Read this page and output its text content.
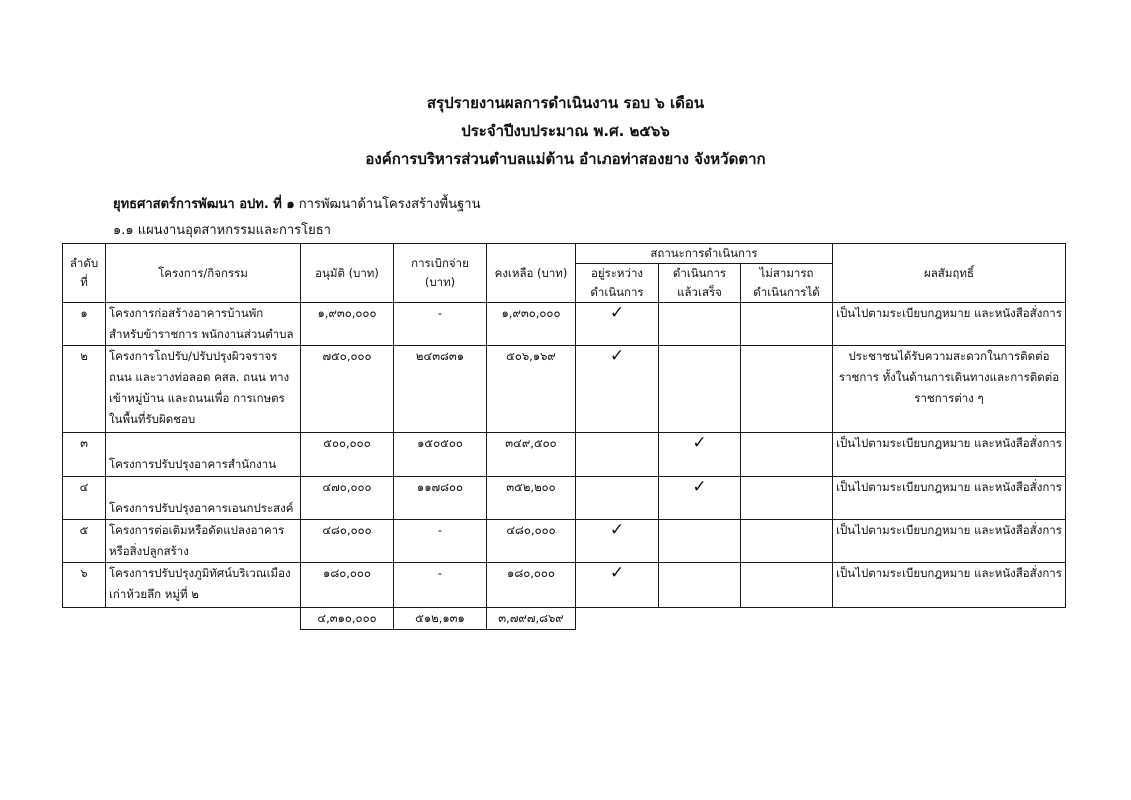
สรุปรายงานผลการดำเนินงาน รอบ ๖ เดือน
ประจำปีงบประมาณ พ.ศ. ๒๕๖๖
องค์การบริหารส่วนตำบลแม่ต้าน อำเภอท่าสองยาง จังหวัดตาก
ยุทธศาสตร์การพัฒนา อปท. ที่ ๑ การพัฒนาด้านโครงสร้างพื้นฐาน
๑.๑ แผนงานอุตสาหกรรมและการโยธา
ลำดับ ที่	โครงการ/กิจกรรม	อนุมัติ (บาท)	การเบิกจ่าย (บาท)	คงเหลือ (บาท)	สถานะการดำเนินการ			ผลสัมฤทธิ์
					อยู่ระหว่าง ดำเนินการ	ดำเนินการ แล้วเสร็จ	ไม่สามารถ ดำเนินการได้	
๑	โครงการก่อสร้างอาคารบ้านพัก สำหรับข้าราชการ พนักงานส่วนตำบล	๑,๙๓๐,๐๐๐	-	๑,๙๓๐,๐๐๐	✓			เป็นไปตามระเบียบกฎหมาย และหนังสือสั่งการ
๒	โครงการโถปรับ/ปรับปรุงผิวจราจร ถนน และวางท่อลอด คสล. ถนน ทางเข้าหมู่บ้าน และถนนเพื่อ การเกษตร ในพื้นที่รับผิดชอบ	๗๕๐,๐๐๐	๒๔๓๘๓๑	๕๐๖,๑๖๙	✓			ประชาชนได้รับความสะดวกในการติดต่อ ราชการ ทั้งในด้านการเดินทางและการติดต่อ ราชการต่าง ๆ
๓	โครงการปรับปรุงอาคารสำนักงาน	๕๐๐,๐๐๐	๑๕๐๕๐๐	๓๔๙,๕๐๐		✓		เป็นไปตามระเบียบกฎหมาย และหนังสือสั่งการ
๔	โครงการปรับปรุงอาคารเอนกประสงค์	๔๗๐,๐๐๐	๑๑๗๘๐๐	๓๕๒,๒๐๐		✓		เป็นไปตามระเบียบกฎหมาย และหนังสือสั่งการ
๕	โครงการต่อเติมหรือดัดแปลงอาคาร หรือสิ่งปลูกสร้าง	๔๘๐,๐๐๐	-	๔๘๐,๐๐๐	✓			เป็นไปตามระเบียบกฎหมาย และหนังสือสั่งการ
๖	โครงการปรับปรุงภูมิทัศน์บริเวณเมือง เก่าห้วยลึก หมู่ที่ ๒	๑๘๐,๐๐๐	-	๑๘๐,๐๐๐	✓			เป็นไปตามระเบียบกฎหมาย และหนังสือสั่งการ
		๔,๓๑๐,๐๐๐	๕๑๒,๑๓๑	๓,๗๙๗,๘๖๙				
